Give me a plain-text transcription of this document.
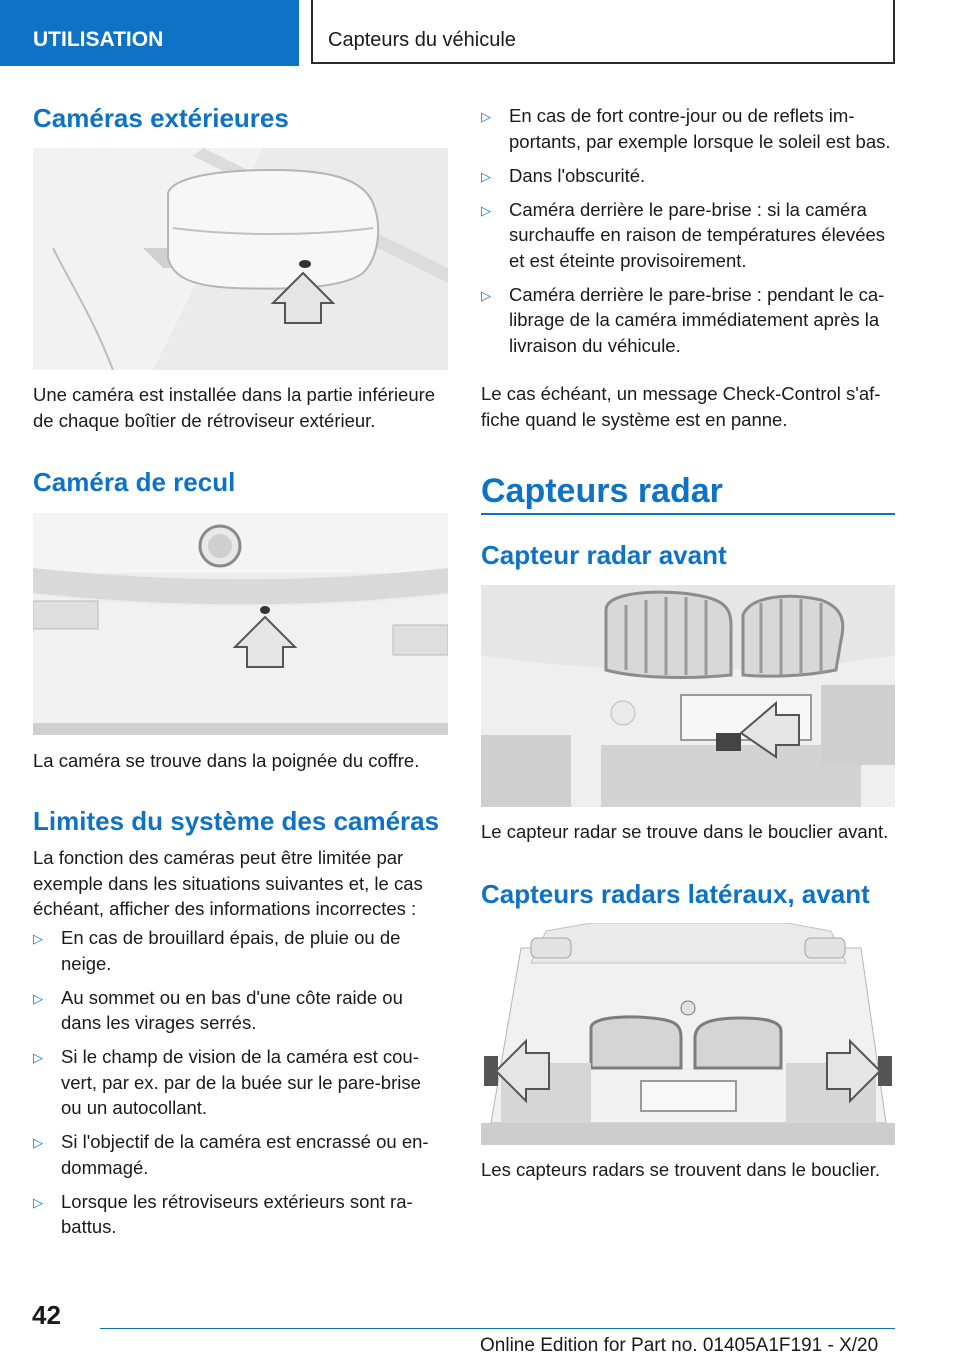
UTILISATION	Capteurs du véhicule
Caméras extérieures

Une caméra est installée dans la partie inférieure de chaque boîtier de rétroviseur extérieur.

Caméra de recul

La caméra se trouve dans la poignée du coffre.

Limites du système des caméras

La fonction des caméras peut être limitée par exemple dans les situations suivantes et, le cas échéant, afficher des informations incorrectes :

▷ En cas de brouillard épais, de pluie ou de neige.
▷ Au sommet ou en bas d'une côte raide ou dans les virages serrés.
▷ Si le champ de vision de la caméra est couvert, par ex. par de la buée sur le pare-brise ou un autocollant.
▷ Si l'objectif de la caméra est encrassé ou endommagé.
▷ Lorsque les rétroviseurs extérieurs sont rabattus.
▷ En cas de fort contre-jour ou de reflets importants, par exemple lorsque le soleil est bas.
▷ Dans l'obscurité.
▷ Caméra derrière le pare-brise : si la caméra surchauffe en raison de températures élevées et est éteinte provisoirement.
▷ Caméra derrière le pare-brise : pendant le calibrage de la caméra immédiatement après la livraison du véhicule.

Le cas échéant, un message Check-Control s'affiche quand le système est en panne.

Capteurs radar
Capteur radar avant

Le capteur radar se trouve dans le bouclier avant.

Capteurs radars latéraux, avant

Les capteurs radars se trouvent dans le bouclier.

42
Online Edition for Part no. 01405A1F191 - X/20
